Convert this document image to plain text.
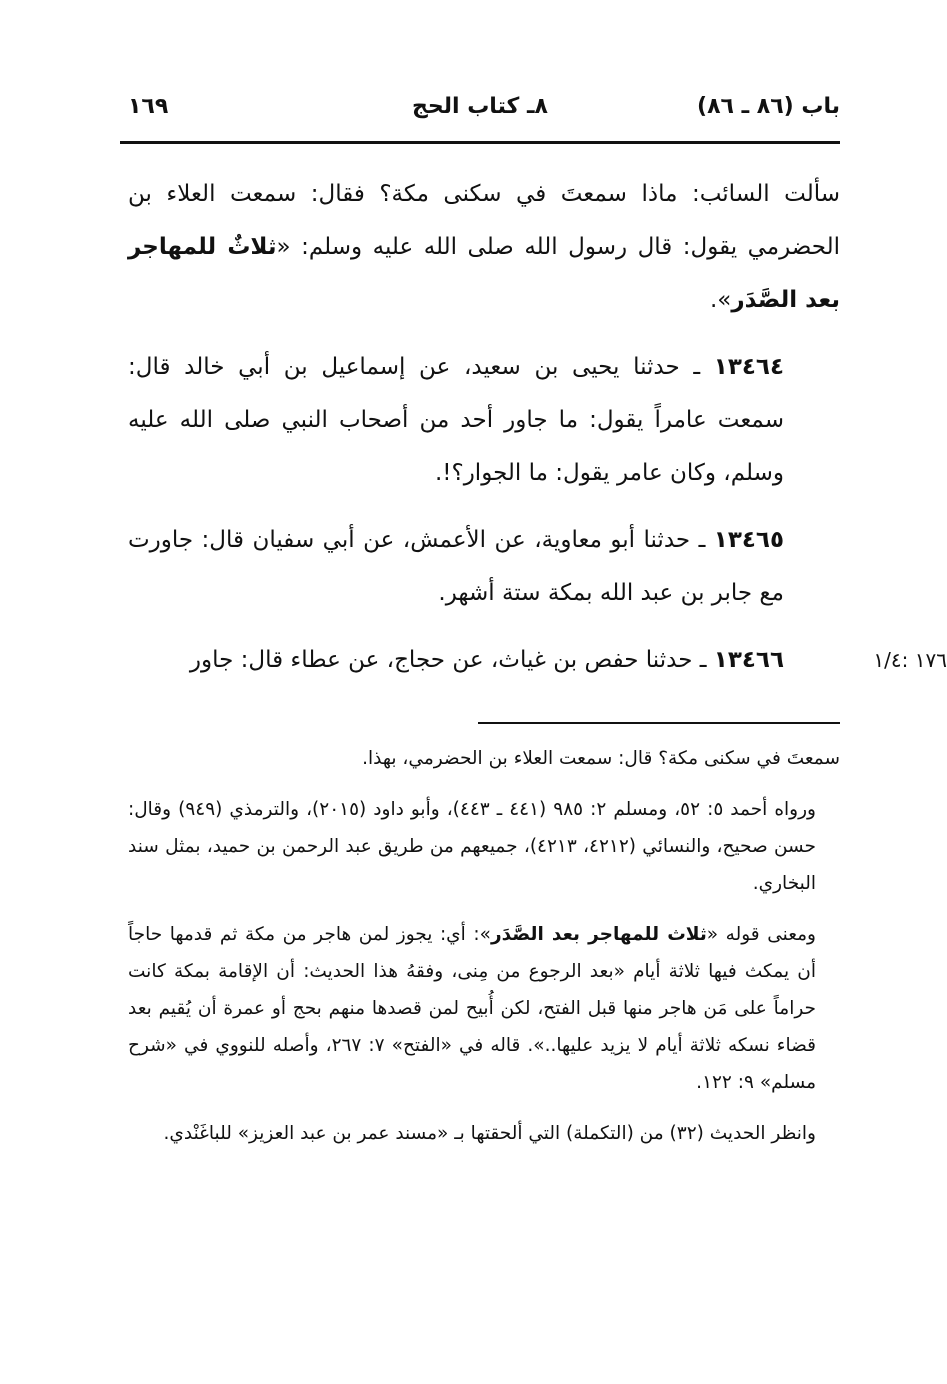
باب (٨٦ ـ ٨٦)
٨ـ كتاب الحج
١٦٩

سألت السائب: ماذا سمعتَ في سكنى مكة؟ فقال: سمعت العلاء بن الحضرمي يقول: قال رسول الله صلى الله عليه وسلم: «ثلاثٌ للمهاجر بعد الصَّدَر».

١٣٤٦٤ ـ حدثنا يحيى بن سعيد، عن إسماعيل بن أبي خالد قال: سمعت عامراً يقول: ما جاور أحد من أصحاب النبي صلى الله عليه وسلم، وكان عامر يقول: ما الجوار؟!.

١٣٤٦٥ ـ حدثنا أبو معاوية، عن الأعمش، عن أبي سفيان قال: جاورت مع جابر بن عبد الله بمكة ستة أشهر.

١٣٤٦٦ ـ حدثنا حفص بن غياث، عن حجاج، عن عطاء قال: جاور	١٧٦ :١/٤

سمعتَ في سكنى مكة؟ قال: سمعت العلاء بن الحضرمي، بهذا.

ورواه أحمد ٥: ٥٢، ومسلم ٢: ٩٨٥ (٤٤١ ـ ٤٤٣)، وأبو داود (٢٠١٥)، والترمذي (٩٤٩) وقال: حسن صحيح، والنسائي (٤٢١٢، ٤٢١٣)، جميعهم من طريق عبد الرحمن بن حميد، بمثل سند البخاري.

ومعنى قوله «ثلاث للمهاجر بعد الصَّدَر»: أي: يجوز لمن هاجر من مكة ثم قدمها حاجاً أن يمكث فيها ثلاثة أيام «بعد الرجوع من مِنى، وفقهُ هذا الحديث: أن الإقامة بمكة كانت حراماً على مَن هاجر منها قبل الفتح، لكن أُبيح لمن قصدها منهم بحج أو عمرة أن يُقيم بعد قضاء نسكه ثلاثة أيام لا يزيد عليها..». قاله في «الفتح» ٧: ٢٦٧، وأصله للنووي في «شرح مسلم» ٩: ١٢٢.

وانظر الحديث (٣٢) من (التكملة) التي ألحقتها بـ «مسند عمر بن عبد العزيز» للباغَنْدي.
